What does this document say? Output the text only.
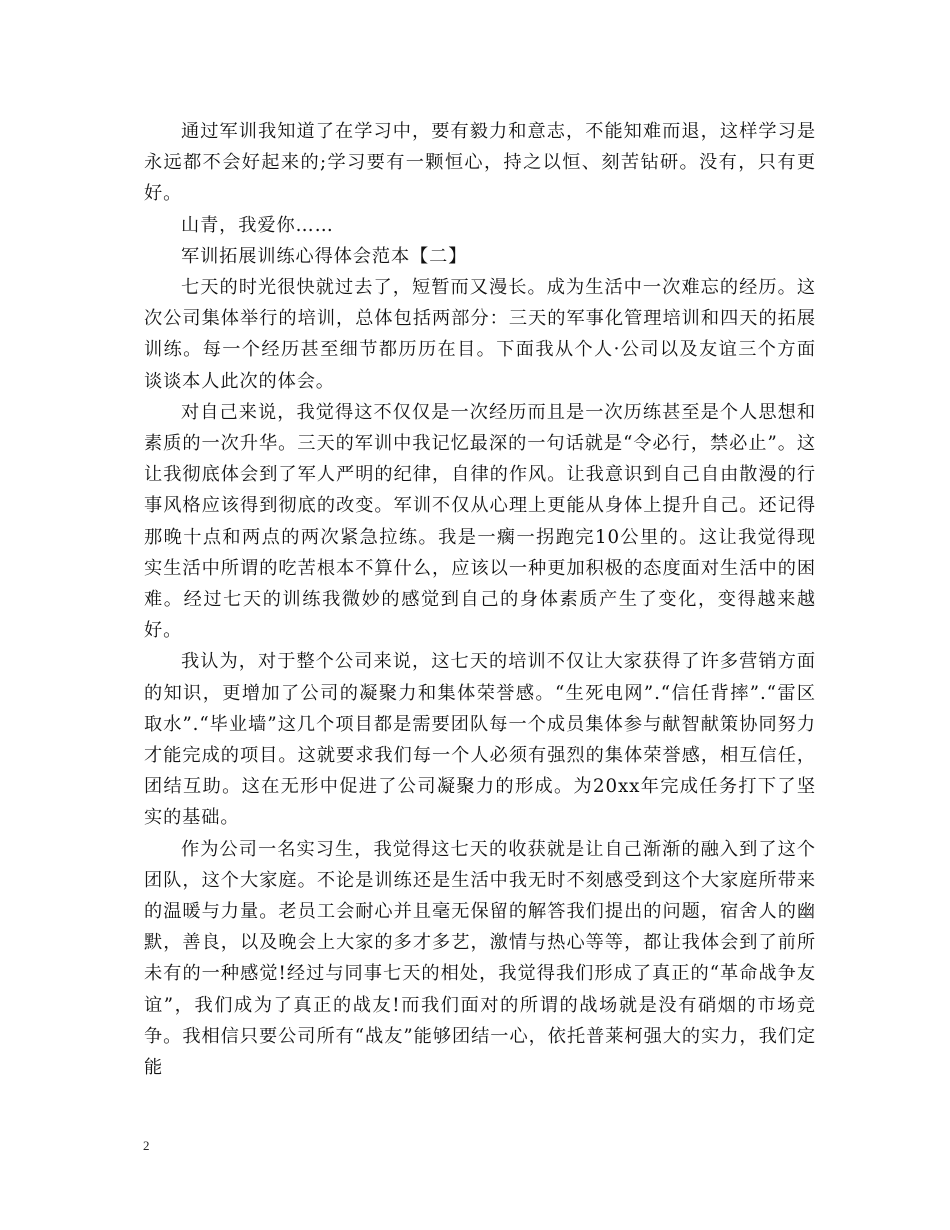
通过军训我知道了在学习中，要有毅力和意志，不能知难而退，这样学习是永远都不会好起来的;学习要有一颗恒心，持之以恒、刻苦钻研。没有，只有更好。

山青，我爱你……

军训拓展训练心得体会范本【二】

七天的时光很快就过去了，短暂而又漫长。成为生活中一次难忘的经历。这次公司集体举行的培训，总体包括两部分：三天的军事化管理培训和四天的拓展训练。每一个经历甚至细节都历历在目。下面我从个人·公司以及友谊三个方面谈谈本人此次的体会。

对自己来说，我觉得这不仅仅是一次经历而且是一次历练甚至是个人思想和素质的一次升华。三天的军训中我记忆最深的一句话就是“令必行，禁必止”。这让我彻底体会到了军人严明的纪律，自律的作风。让我意识到自己自由散漫的行事风格应该得到彻底的改变。军训不仅从心理上更能从身体上提升自己。还记得那晚十点和两点的两次紧急拉练。我是一瘸一拐跑完10公里的。这让我觉得现实生活中所谓的吃苦根本不算什么，应该以一种更加积极的态度面对生活中的困难。经过七天的训练我微妙的感觉到自己的身体素质产生了变化，变得越来越好。

我认为，对于整个公司来说，这七天的培训不仅让大家获得了许多营销方面的知识，更增加了公司的凝聚力和集体荣誉感。“生死电网”.“信任背摔”.“雷区取水”.“毕业墙”这几个项目都是需要团队每一个成员集体参与献智献策协同努力才能完成的项目。这就要求我们每一个人必须有强烈的集体荣誉感，相互信任，团结互助。这在无形中促进了公司凝聚力的形成。为20xx年完成任务打下了坚实的基础。

作为公司一名实习生，我觉得这七天的收获就是让自己渐渐的融入到了这个团队，这个大家庭。不论是训练还是生活中我无时不刻感受到这个大家庭所带来的温暖与力量。老员工会耐心并且毫无保留的解答我们提出的问题，宿舍人的幽默，善良，以及晚会上大家的多才多艺，激情与热心等等，都让我体会到了前所未有的一种感觉!经过与同事七天的相处，我觉得我们形成了真正的“革命战争友谊”，我们成为了真正的战友!而我们面对的所谓的战场就是没有硝烟的市场竞争。我相信只要公司所有“战友”能够团结一心，依托普莱柯强大的实力，我们定能

2
